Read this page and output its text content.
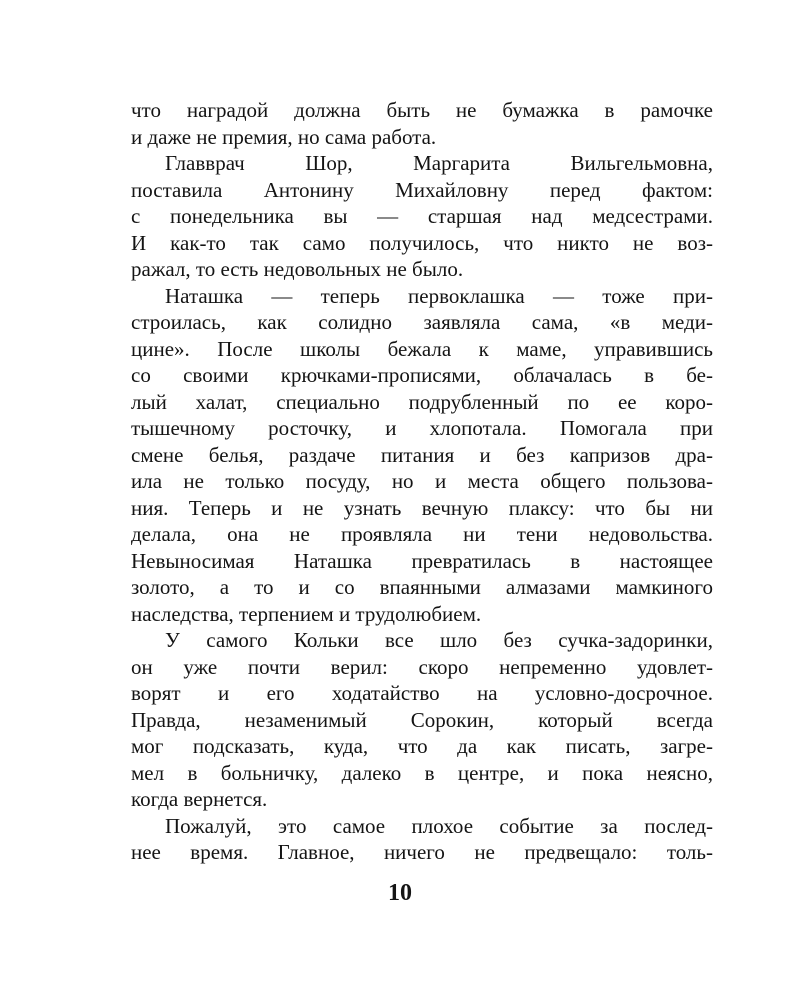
что наградой должна быть не бумажка в рамочке
и даже не премия, но сама работа.
Главврач Шор, Маргарита Вильгельмовна,
поставила Антонину Михайловну перед фактом:
с понедельника вы — старшая над медсестрами.
И как-то так само получилось, что никто не воз-
ражал, то есть недовольных не было.
Наташка — теперь первоклашка — тоже при-
строилась, как солидно заявляла сама, «в меди-
цине». После школы бежала к маме, управившись
со своими крючками-прописями, облачалась в бе-
лый халат, специально подрубленный по ее коро-
тышечному росточку, и хлопотала. Помогала при
смене белья, раздаче питания и без капризов дра-
ила не только посуду, но и места общего пользова-
ния. Теперь и не узнать вечную плаксу: что бы ни
делала, она не проявляла ни тени недовольства.
Невыносимая Наташка превратилась в настоящее
золото, а то и со впаянными алмазами мамкиного
наследства, терпением и трудолюбием.
У самого Кольки все шло без сучка-задоринки,
он уже почти верил: скоро непременно удовлет-
ворят и его ходатайство на условно-досрочное.
Правда, незаменимый Сорокин, который всегда
мог подсказать, куда, что да как писать, загре-
мел в больничку, далеко в центре, и пока неясно,
когда вернется.
Пожалуй, это самое плохое событие за послед-
нее время. Главное, ничего не предвещало: толь-
10
